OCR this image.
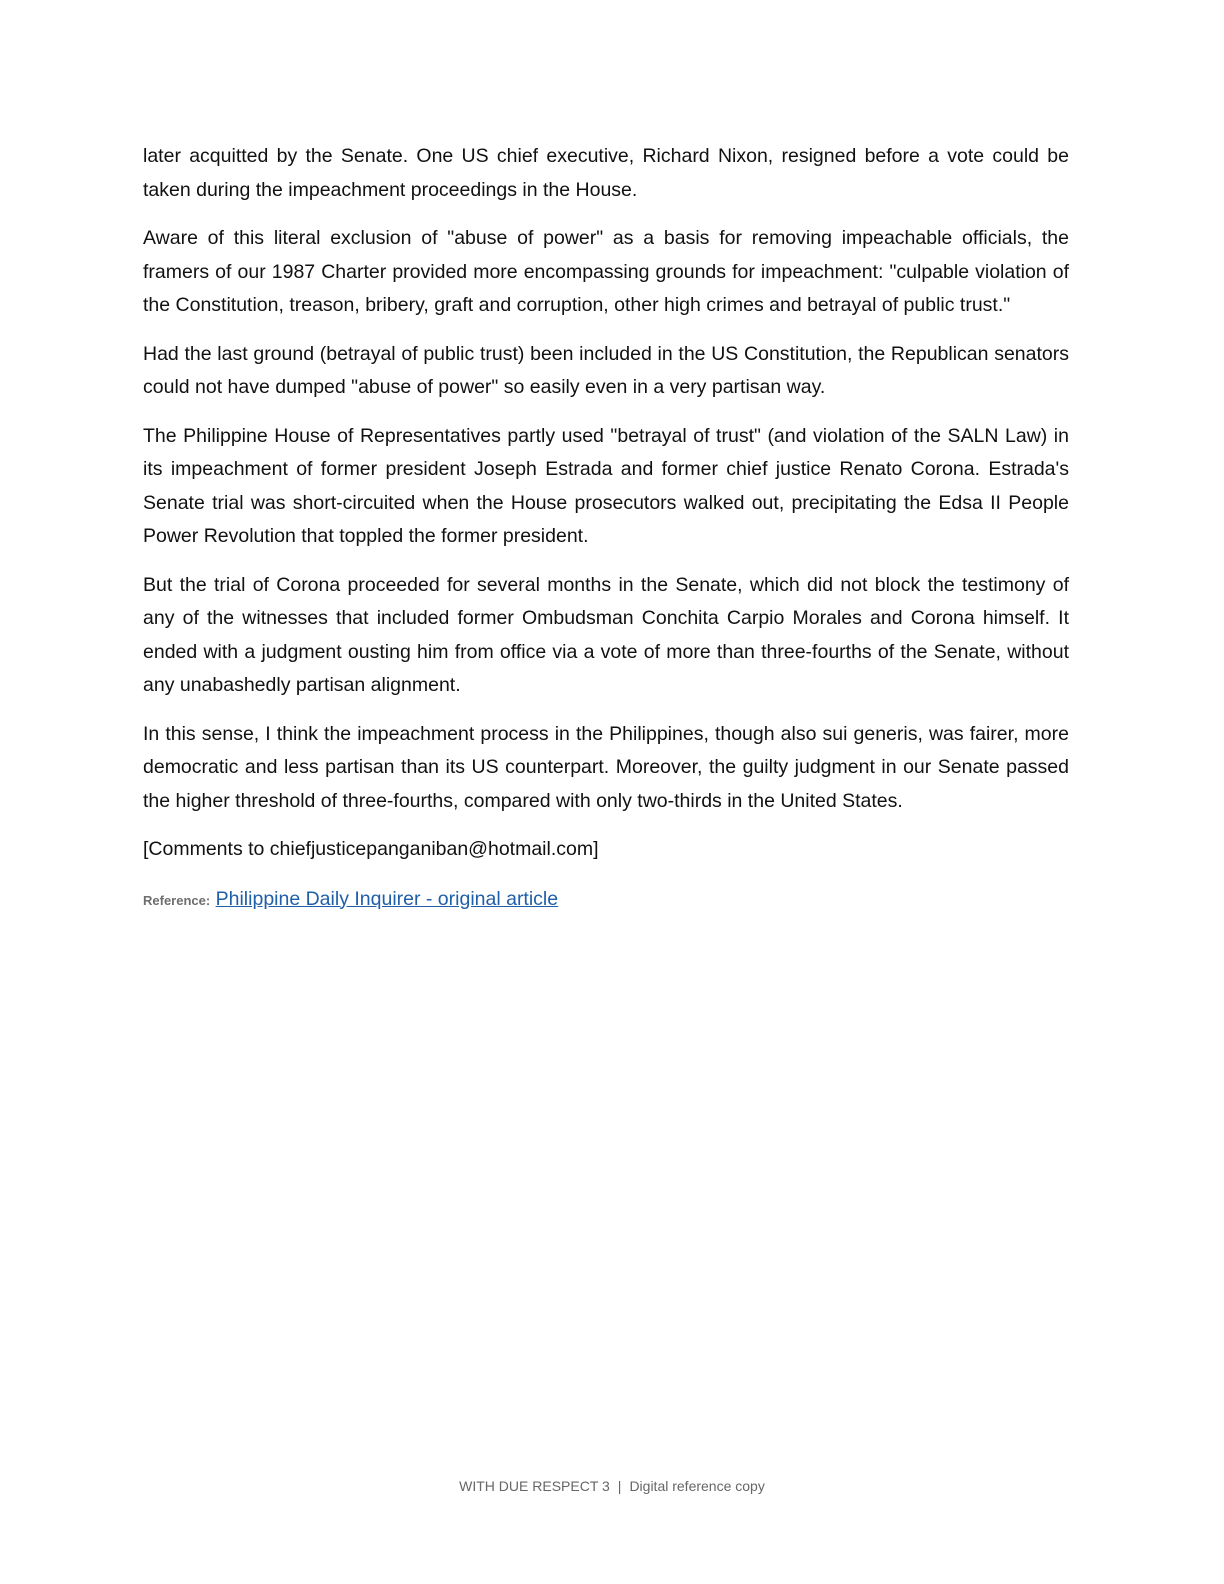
later acquitted by the Senate. One US chief executive, Richard Nixon, resigned before a vote could be taken during the impeachment proceedings in the House.

Aware of this literal exclusion of "abuse of power" as a basis for removing impeachable officials, the framers of our 1987 Charter provided more encompassing grounds for impeachment: "culpable violation of the Constitution, treason, bribery, graft and corruption, other high crimes and betrayal of public trust."

Had the last ground (betrayal of public trust) been included in the US Constitution, the Republican senators could not have dumped "abuse of power" so easily even in a very partisan way.

The Philippine House of Representatives partly used "betrayal of trust" (and violation of the SALN Law) in its impeachment of former president Joseph Estrada and former chief justice Renato Corona. Estrada's Senate trial was short-circuited when the House prosecutors walked out, precipitating the Edsa II People Power Revolution that toppled the former president.

But the trial of Corona proceeded for several months in the Senate, which did not block the testimony of any of the witnesses that included former Ombudsman Conchita Carpio Morales and Corona himself. It ended with a judgment ousting him from office via a vote of more than three-fourths of the Senate, without any unabashedly partisan alignment.

In this sense, I think the impeachment process in the Philippines, though also sui generis, was fairer, more democratic and less partisan than its US counterpart. Moreover, the guilty judgment in our Senate passed the higher threshold of three-fourths, compared with only two-thirds in the United States.

[Comments to chiefjusticepanganiban@hotmail.com]

Reference: Philippine Daily Inquirer - original article
WITH DUE RESPECT 3 | Digital reference copy
